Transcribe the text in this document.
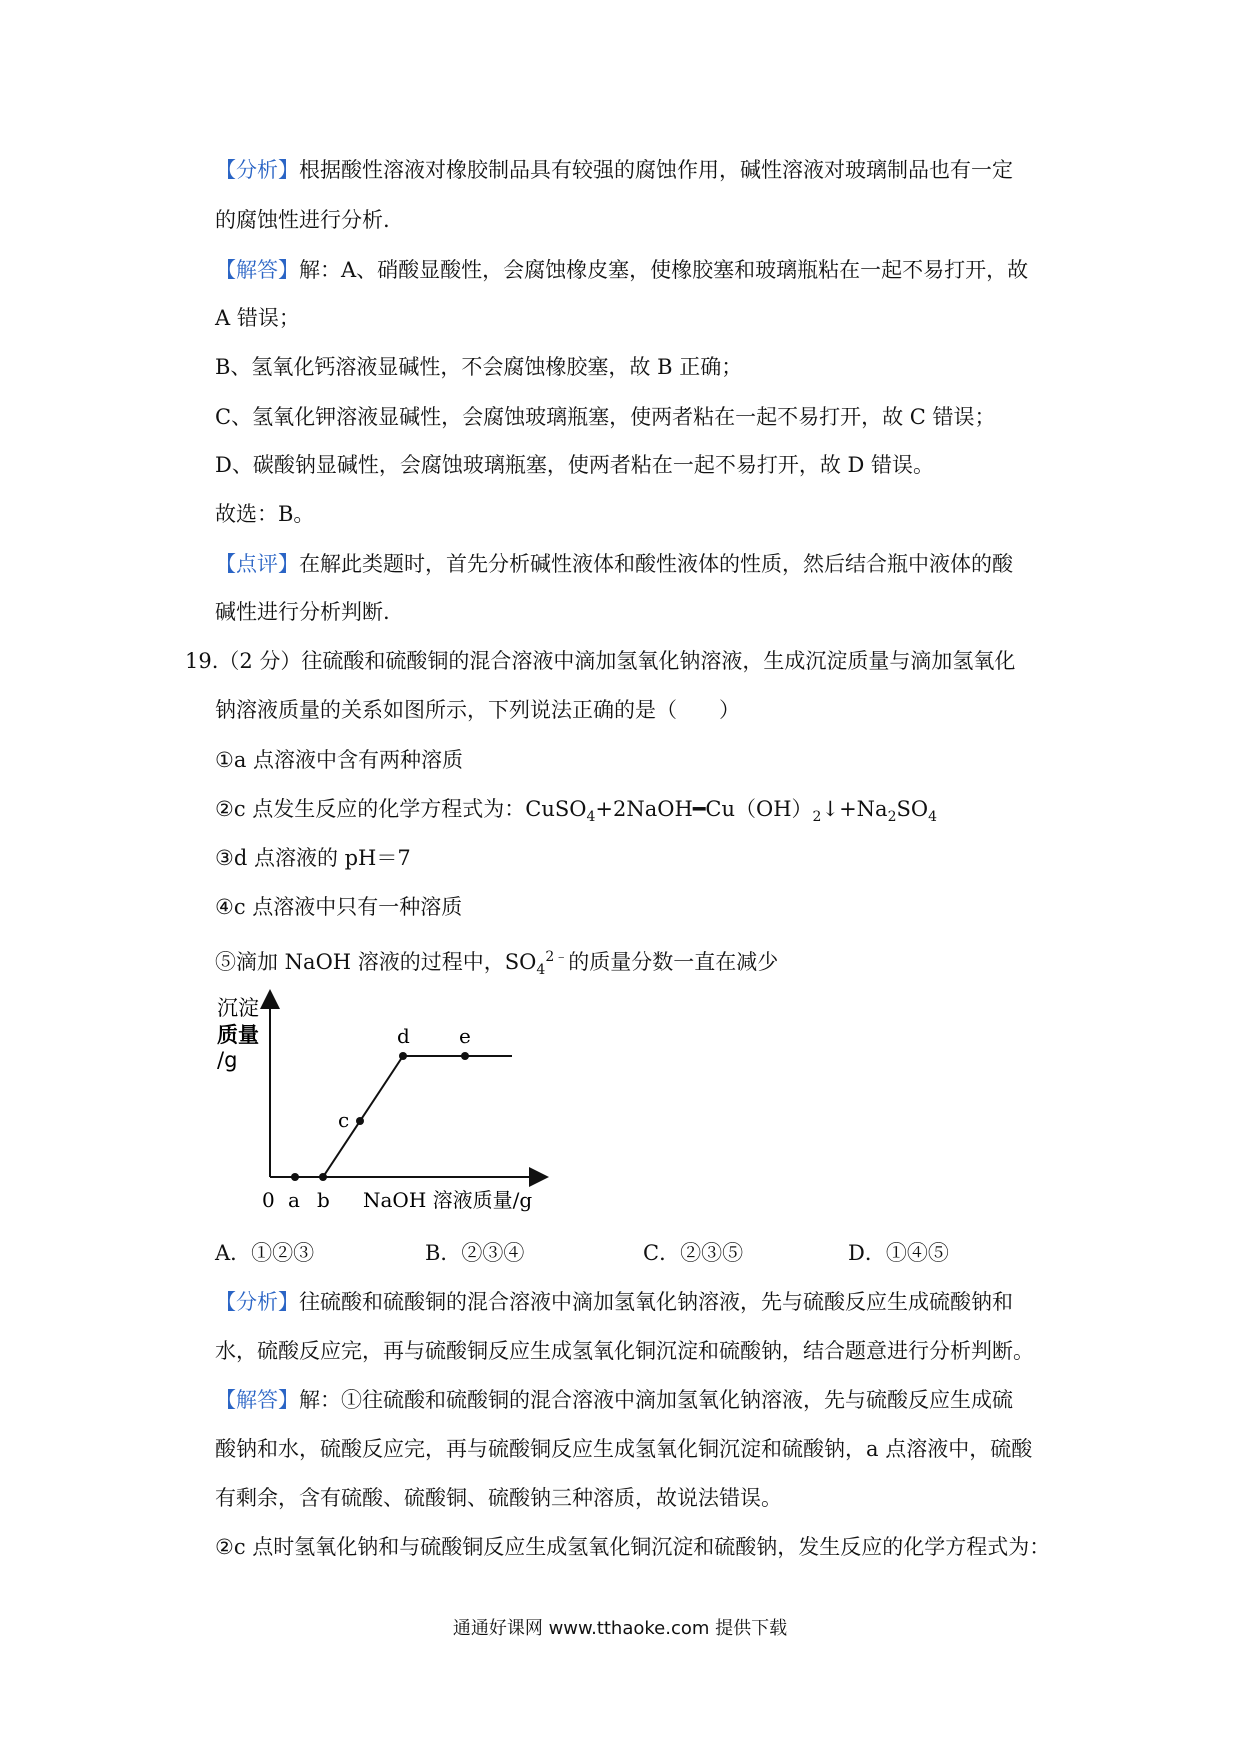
【分析】根据酸性溶液对橡胶制品具有较强的腐蚀作用，碱性溶液对玻璃制品也有一定
的腐蚀性进行分析.
【解答】解：A、硝酸显酸性，会腐蚀橡皮塞，使橡胶塞和玻璃瓶粘在一起不易打开，故
A 错误；
B、氢氧化钙溶液显碱性，不会腐蚀橡胶塞，故 B 正确；
C、氢氧化钾溶液显碱性，会腐蚀玻璃瓶塞，使两者粘在一起不易打开，故 C 错误；
D、碳酸钠显碱性，会腐蚀玻璃瓶塞，使两者粘在一起不易打开，故 D 错误。
故选：B。
【点评】在解此类题时，首先分析碱性液体和酸性液体的性质，然后结合瓶中液体的酸
碱性进行分析判断.
19.（2 分）往硫酸和硫酸铜的混合溶液中滴加氢氧化钠溶液，生成沉淀质量与滴加氢氧化
钠溶液质量的关系如图所示，下列说法正确的是（　　）
①a 点溶液中含有两种溶质
②c 点发生反应的化学方程式为：$CuSO_4+2NaOH━Cu(OH)_2↓+Na_2SO_4$
③d 点溶液的 pH＝7
④c 点溶液中只有一种溶质
⑤滴加 NaOH 溶液的过程中，$SO_4^{2﹣}$的质量分数一直在减少
沉淀
质量
/g
d e
c
0 a b NaOH 溶液质量/g
A．①②③	B．②③④	C．②③⑤	D．①④⑤
【分析】往硫酸和硫酸铜的混合溶液中滴加氢氧化钠溶液，先与硫酸反应生成硫酸钠和
水，硫酸反应完，再与硫酸铜反应生成氢氧化铜沉淀和硫酸钠，结合题意进行分析判断。
【解答】解：①往硫酸和硫酸铜的混合溶液中滴加氢氧化钠溶液，先与硫酸反应生成硫
酸钠和水，硫酸反应完，再与硫酸铜反应生成氢氧化铜沉淀和硫酸钠，a 点溶液中，硫酸
有剩余，含有硫酸、硫酸铜、硫酸钠三种溶质，故说法错误。
②c 点时氢氧化钠和与硫酸铜反应生成氢氧化铜沉淀和硫酸钠，发生反应的化学方程式为：
通通好课网 www.tthaoke.com 提供下载
